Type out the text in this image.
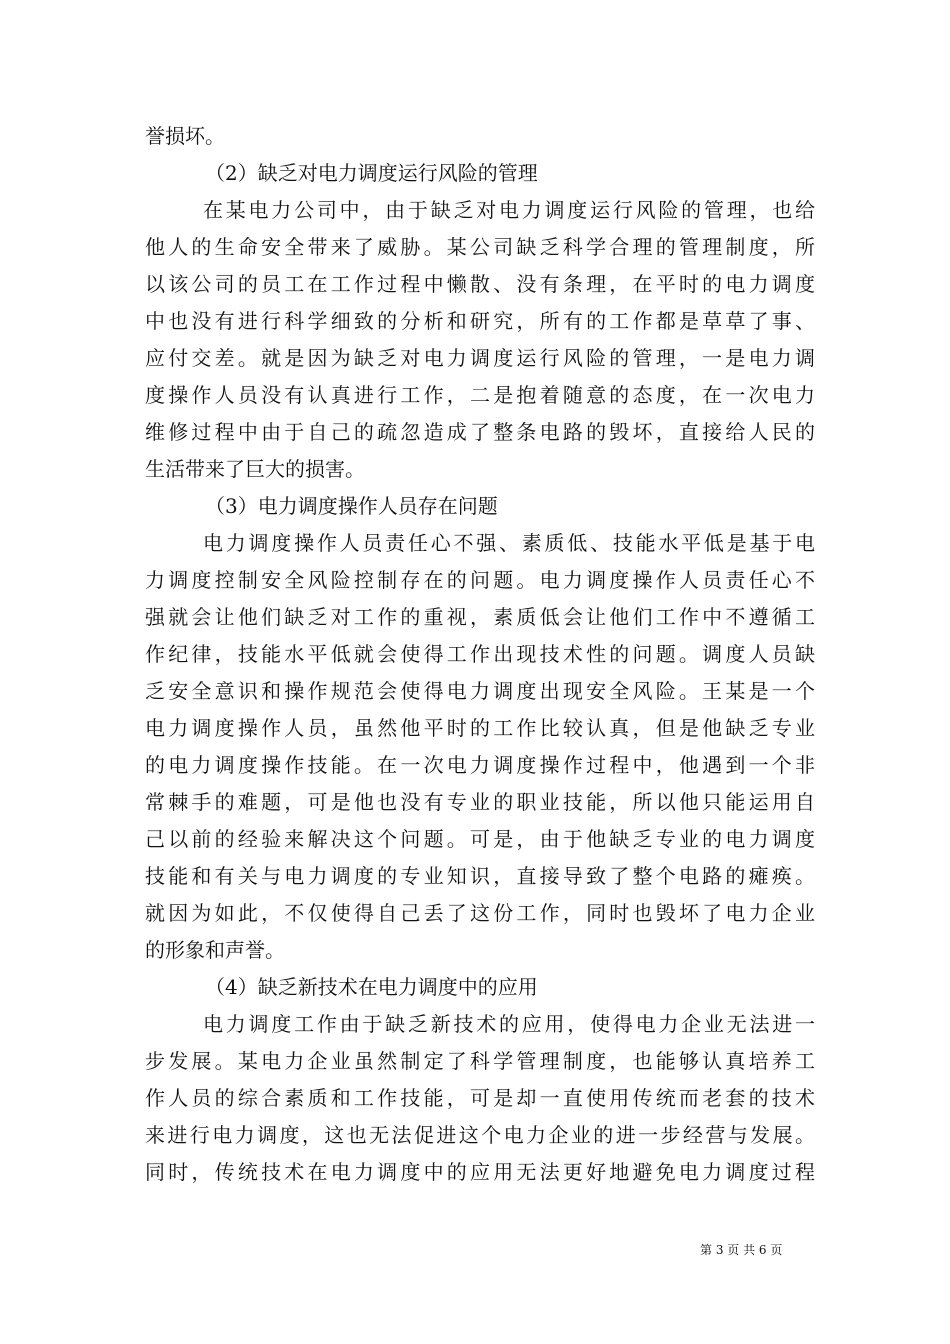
誉损坏。

（2）缺乏对电力调度运行风险的管理

在某电力公司中，由于缺乏对电力调度运行风险的管理，也给

他人的生命安全带来了威胁。某公司缺乏科学合理的管理制度，所

以该公司的员工在工作过程中懒散、没有条理，在平时的电力调度

中也没有进行科学细致的分析和研究，所有的工作都是草草了事、

应付交差。就是因为缺乏对电力调度运行风险的管理，一是电力调

度操作人员没有认真进行工作，二是抱着随意的态度，在一次电力

维修过程中由于自己的疏忽造成了整条电路的毁坏，直接给人民的

生活带来了巨大的损害。

（3）电力调度操作人员存在问题

电力调度操作人员责任心不强、素质低、技能水平低是基于电

力调度控制安全风险控制存在的问题。电力调度操作人员责任心不

强就会让他们缺乏对工作的重视，素质低会让他们工作中不遵循工

作纪律，技能水平低就会使得工作出现技术性的问题。调度人员缺

乏安全意识和操作规范会使得电力调度出现安全风险。王某是一个

电力调度操作人员，虽然他平时的工作比较认真，但是他缺乏专业

的电力调度操作技能。在一次电力调度操作过程中，他遇到一个非

常棘手的难题，可是他也没有专业的职业技能，所以他只能运用自

己以前的经验来解决这个问题。可是，由于他缺乏专业的电力调度

技能和有关与电力调度的专业知识，直接导致了整个电路的瘫痪。

就因为如此，不仅使得自己丢了这份工作，同时也毁坏了电力企业

的形象和声誉。

（4）缺乏新技术在电力调度中的应用

电力调度工作由于缺乏新技术的应用，使得电力企业无法进一

步发展。某电力企业虽然制定了科学管理制度，也能够认真培养工

作人员的综合素质和工作技能，可是却一直使用传统而老套的技术

来进行电力调度，这也无法促进这个电力企业的进一步经营与发展。

同时，传统技术在电力调度中的应用无法更好地避免电力调度过程

第 3 页 共 6 页
